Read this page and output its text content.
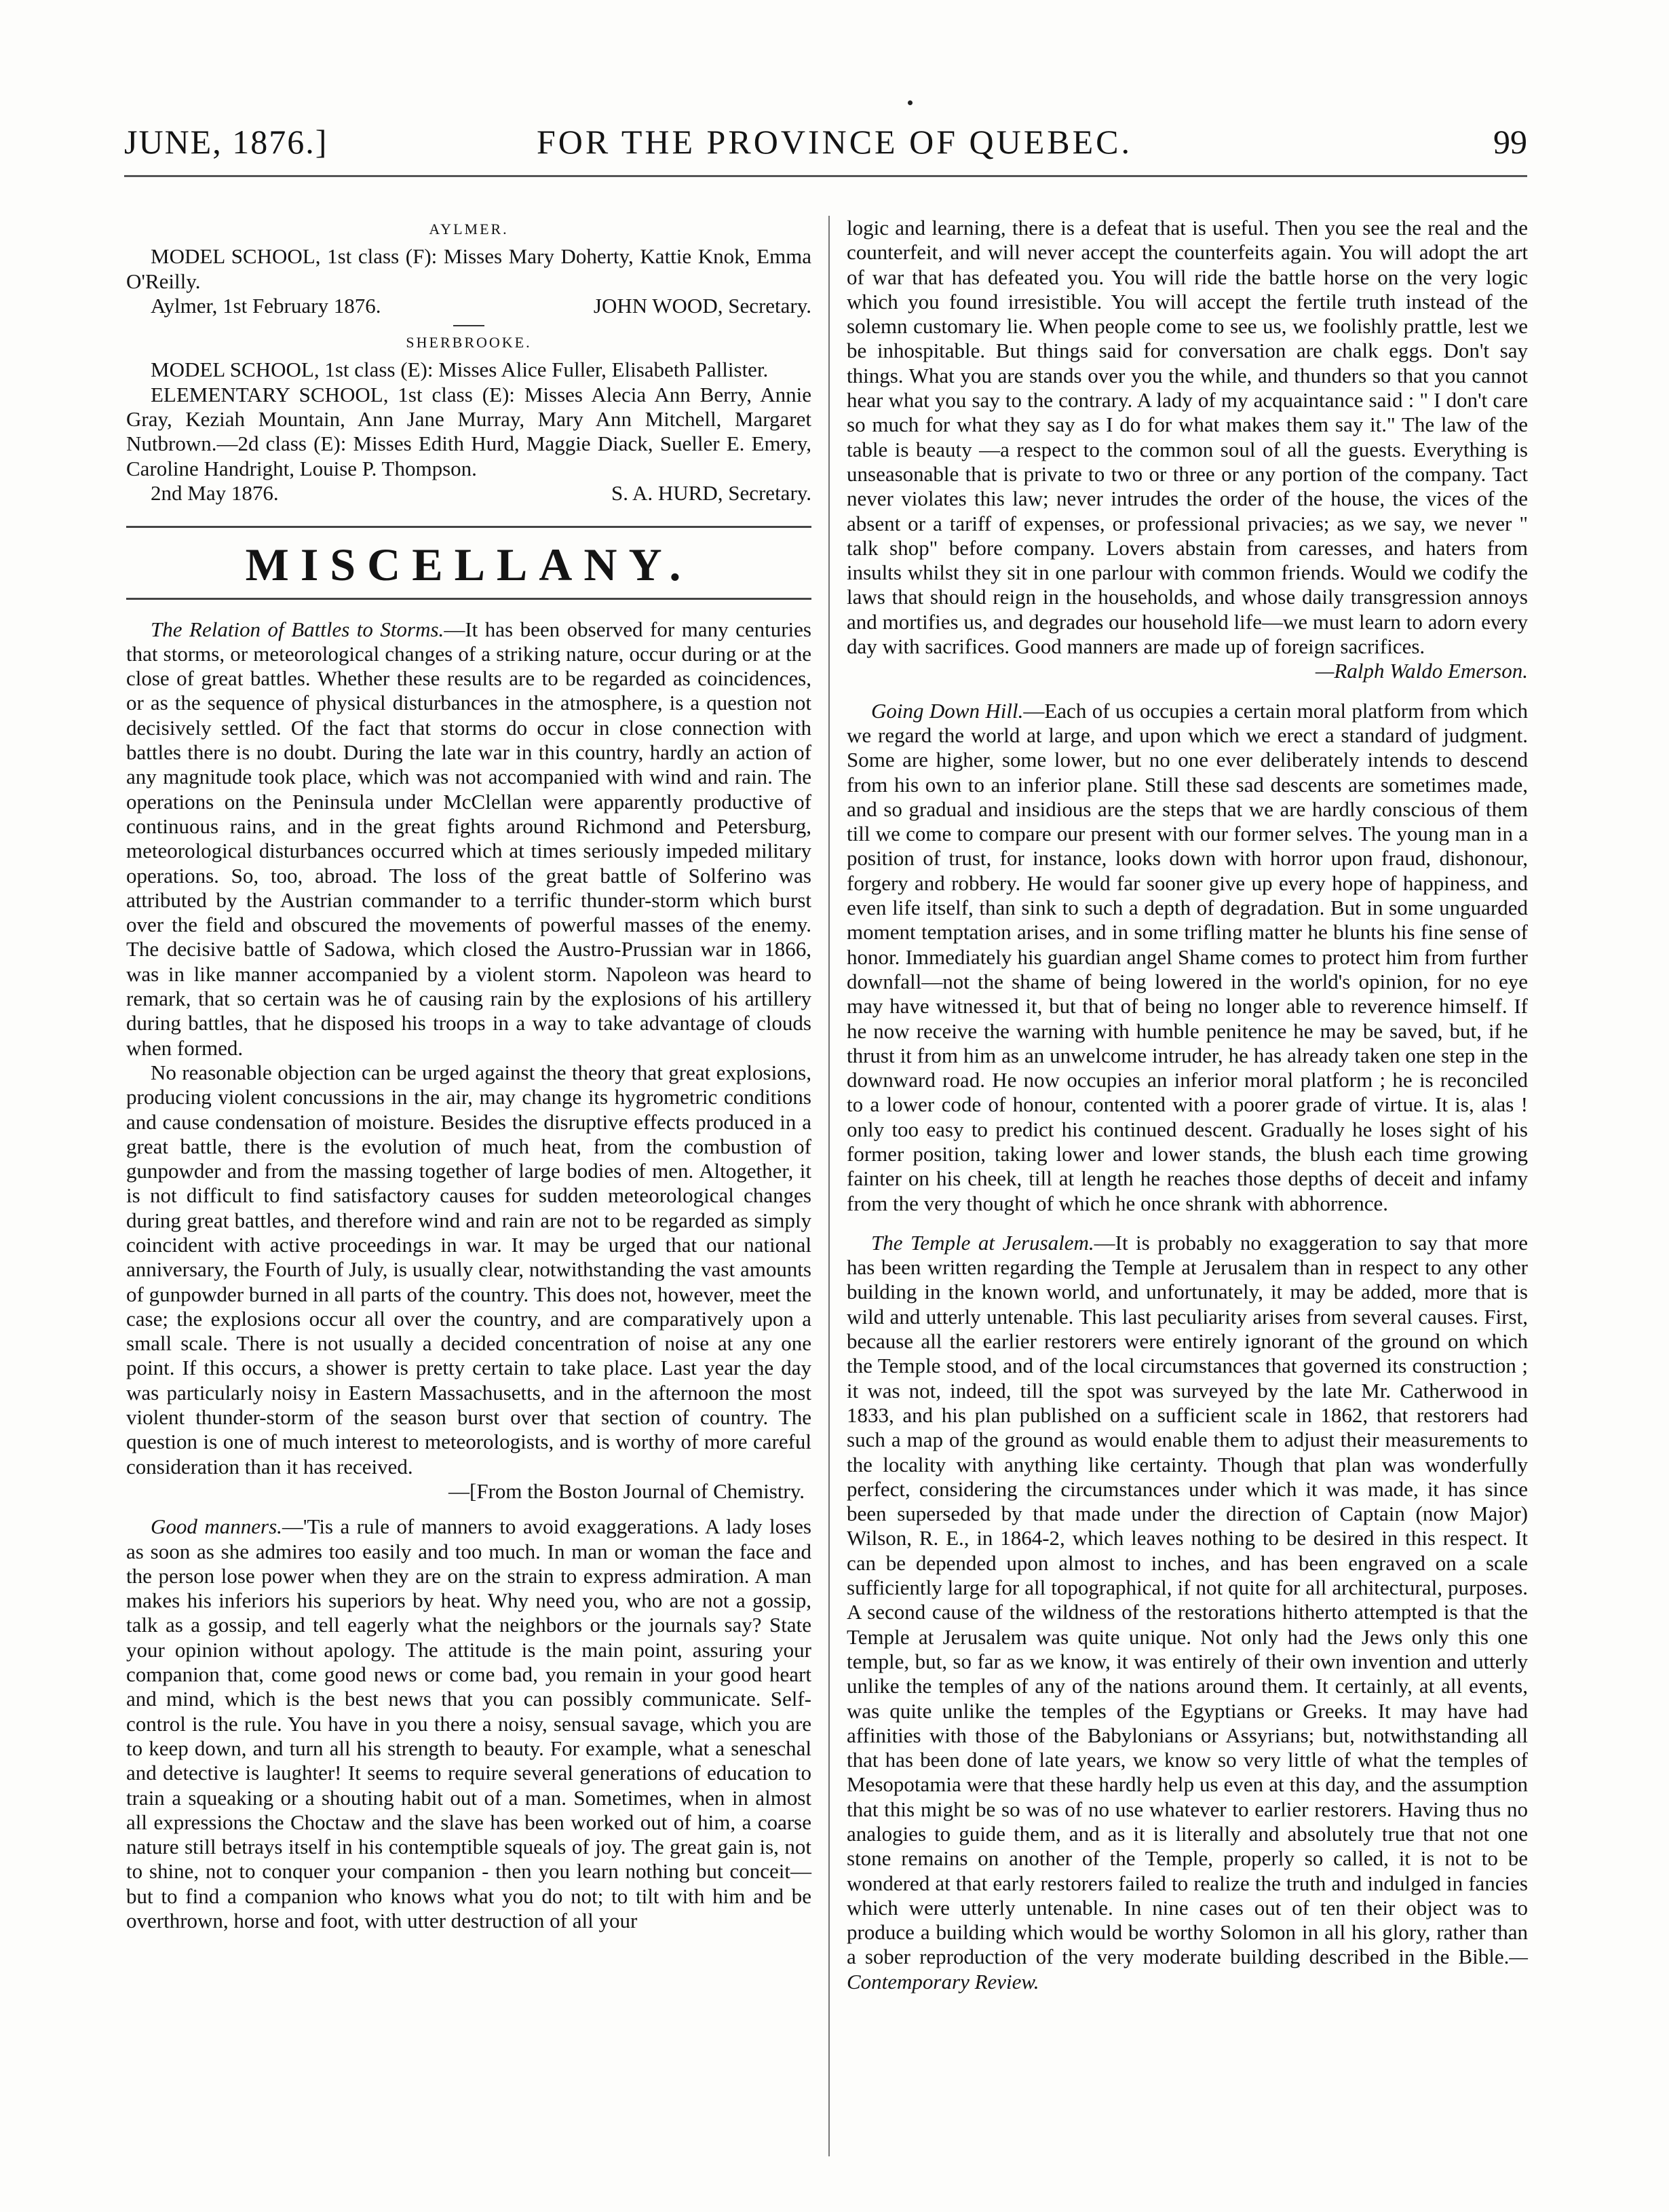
JUNE, 1876.]	FOR THE PROVINCE OF QUEBEC.	99
AYLMER.

MODEL SCHOOL, 1st class (F): Misses Mary Doherty, Kattie Knok, Emma O'Reilly.

Aylmer, 1st February 1876.	JOHN WOOD, Secretary.
SHERBROOKE.

MODEL SCHOOL, 1st class (E): Misses Alice Fuller, Elisabeth Pallister.

ELEMENTARY SCHOOL, 1st class (E): Misses Alecia Ann Berry, Annie Gray, Keziah Mountain, Ann Jane Murray, Mary Ann Mitchell, Margaret Nutbrown.—2d class (E): Misses Edith Hurd, Maggie Diack, Sueller E. Emery, Caroline Handright, Louise P. Thompson.

2nd May 1876.	S. A. HURD, Secretary.
MISCELLANY.

The Relation of Battles to Storms.—It has been observed for many centuries that storms, or meteorological changes of a striking nature, occur during or at the close of great battles. Whether these results are to be regarded as coincidences, or as the sequence of physical disturbances in the atmosphere, is a question not decisively settled. Of the fact that storms do occur in close connection with battles there is no doubt. During the late war in this country, hardly an action of any magnitude took place, which was not accompanied with wind and rain. The operations on the Peninsula under McClellan were apparently productive of continuous rains, and in the great fights around Richmond and Petersburg, meteorological disturbances occurred which at times seriously impeded military operations. So, too, abroad. The loss of the great battle of Solferino was attributed by the Austrian commander to a terrific thunder-storm which burst over the field and obscured the movements of powerful masses of the enemy. The decisive battle of Sadowa, which closed the Austro-Prussian war in 1866, was in like manner accompanied by a violent storm. Napoleon was heard to remark, that so certain was he of causing rain by the explosions of his artillery during battles, that he disposed his troops in a way to take advantage of clouds when formed.

No reasonable objection can be urged against the theory that great explosions, producing violent concussions in the air, may change its hygrometric conditions and cause condensation of moisture. Besides the disruptive effects produced in a great battle, there is the evolution of much heat, from the combustion of gunpowder and from the massing together of large bodies of men. Altogether, it is not difficult to find satisfactory causes for sudden meteorological changes during great battles, and therefore wind and rain are not to be regarded as simply coincident with active proceedings in war. It may be urged that our national anniversary, the Fourth of July, is usually clear, notwithstanding the vast amounts of gunpowder burned in all parts of the country. This does not, however, meet the case; the explosions occur all over the country, and are comparatively upon a small scale. There is not usually a decided concentration of noise at any one point. If this occurs, a shower is pretty certain to take place. Last year the day was particularly noisy in Eastern Massachusetts, and in the afternoon the most violent thunder-storm of the season burst over that section of country. The question is one of much interest to meteorologists, and is worthy of more careful consideration than it has received.

—[From the Boston Journal of Chemistry.

Good manners.—'Tis a rule of manners to avoid exaggerations. A lady loses as soon as she admires too easily and too much. In man or woman the face and the person lose power when they are on the strain to express admiration. A man makes his inferiors his superiors by heat. Why need you, who are not a gossip, talk as a gossip, and tell eagerly what the neighbors or the journals say? State your opinion without apology. The attitude is the main point, assuring your companion that, come good news or come bad, you remain in your good heart and mind, which is the best news that you can possibly communicate. Self-control is the rule. You have in you there a noisy, sensual savage, which you are to keep down, and turn all his strength to beauty. For example, what a seneschal and detective is laughter! It seems to require several generations of education to train a squeaking or a shouting habit out of a man. Sometimes, when in almost all expressions the Choctaw and the slave has been worked out of him, a coarse nature still betrays itself in his contemptible squeals of joy. The great gain is, not to shine, not to conquer your companion - then you learn nothing but conceit—but to find a companion who knows what you do not; to tilt with him and be overthrown, horse and foot, with utter destruction of all your

logic and learning, there is a defeat that is useful. Then you see the real and the counterfeit, and will never accept the counterfeits again. You will adopt the art of war that has defeated you. You will ride the battle horse on the very logic which you found irresistible. You will accept the fertile truth instead of the solemn customary lie. When people come to see us, we foolishly prattle, lest we be inhospitable. But things said for conversation are chalk eggs. Don't say things. What you are stands over you the while, and thunders so that you cannot hear what you say to the contrary. A lady of my acquaintance said : " I don't care so much for what they say as I do for what makes them say it." The law of the table is beauty —a respect to the common soul of all the guests. Everything is unseasonable that is private to two or three or any portion of the company. Tact never violates this law; never intrudes the order of the house, the vices of the absent or a tariff of expenses, or professional privacies; as we say, we never " talk shop" before company. Lovers abstain from caresses, and haters from insults whilst they sit in one parlour with common friends. Would we codify the laws that should reign in the households, and whose daily transgression annoys and mortifies us, and degrades our household life—we must learn to adorn every day with sacrifices. Good manners are made up of foreign sacrifices.

—Ralph Waldo Emerson.

Going Down Hill.—Each of us occupies a certain moral platform from which we regard the world at large, and upon which we erect a standard of judgment. Some are higher, some lower, but no one ever deliberately intends to descend from his own to an inferior plane. Still these sad descents are sometimes made, and so gradual and insidious are the steps that we are hardly conscious of them till we come to compare our present with our former selves. The young man in a position of trust, for instance, looks down with horror upon fraud, dishonour, forgery and robbery. He would far sooner give up every hope of happiness, and even life itself, than sink to such a depth of degradation. But in some unguarded moment temptation arises, and in some trifling matter he blunts his fine sense of honor. Immediately his guardian angel Shame comes to protect him from further downfall—not the shame of being lowered in the world's opinion, for no eye may have witnessed it, but that of being no longer able to reverence himself. If he now receive the warning with humble penitence he may be saved, but, if he thrust it from him as an unwelcome intruder, he has already taken one step in the downward road. He now occupies an inferior moral platform ; he is reconciled to a lower code of honour, contented with a poorer grade of virtue. It is, alas ! only too easy to predict his continued descent. Gradually he loses sight of his former position, taking lower and lower stands, the blush each time growing fainter on his cheek, till at length he reaches those depths of deceit and infamy from the very thought of which he once shrank with abhorrence.

The Temple at Jerusalem.—It is probably no exaggeration to say that more has been written regarding the Temple at Jerusalem than in respect to any other building in the known world, and unfortunately, it may be added, more that is wild and utterly untenable. This last peculiarity arises from several causes. First, because all the earlier restorers were entirely ignorant of the ground on which the Temple stood, and of the local circumstances that governed its construction ; it was not, indeed, till the spot was surveyed by the late Mr. Catherwood in 1833, and his plan published on a sufficient scale in 1862, that restorers had such a map of the ground as would enable them to adjust their measurements to the locality with anything like certainty. Though that plan was wonderfully perfect, considering the circumstances under which it was made, it has since been superseded by that made under the direction of Captain (now Major) Wilson, R. E., in 1864-2, which leaves nothing to be desired in this respect. It can be depended upon almost to inches, and has been engraved on a scale sufficiently large for all topographical, if not quite for all architectural, purposes. A second cause of the wildness of the restorations hitherto attempted is that the Temple at Jerusalem was quite unique. Not only had the Jews only this one temple, but, so far as we know, it was entirely of their own invention and utterly unlike the temples of any of the nations around them. It certainly, at all events, was quite unlike the temples of the Egyptians or Greeks. It may have had affinities with those of the Babylonians or Assyrians; but, notwithstanding all that has been done of late years, we know so very little of what the temples of Mesopotamia were that these hardly help us even at this day, and the assumption that this might be so was of no use whatever to earlier restorers. Having thus no analogies to guide them, and as it is literally and absolutely true that not one stone remains on another of the Temple, properly so called, it is not to be wondered at that early restorers failed to realize the truth and indulged in fancies which were utterly untenable. In nine cases out of ten their object was to produce a building which would be worthy Solomon in all his glory, rather than a sober reproduction of the very moderate building described in the Bible.—Contemporary Review.
